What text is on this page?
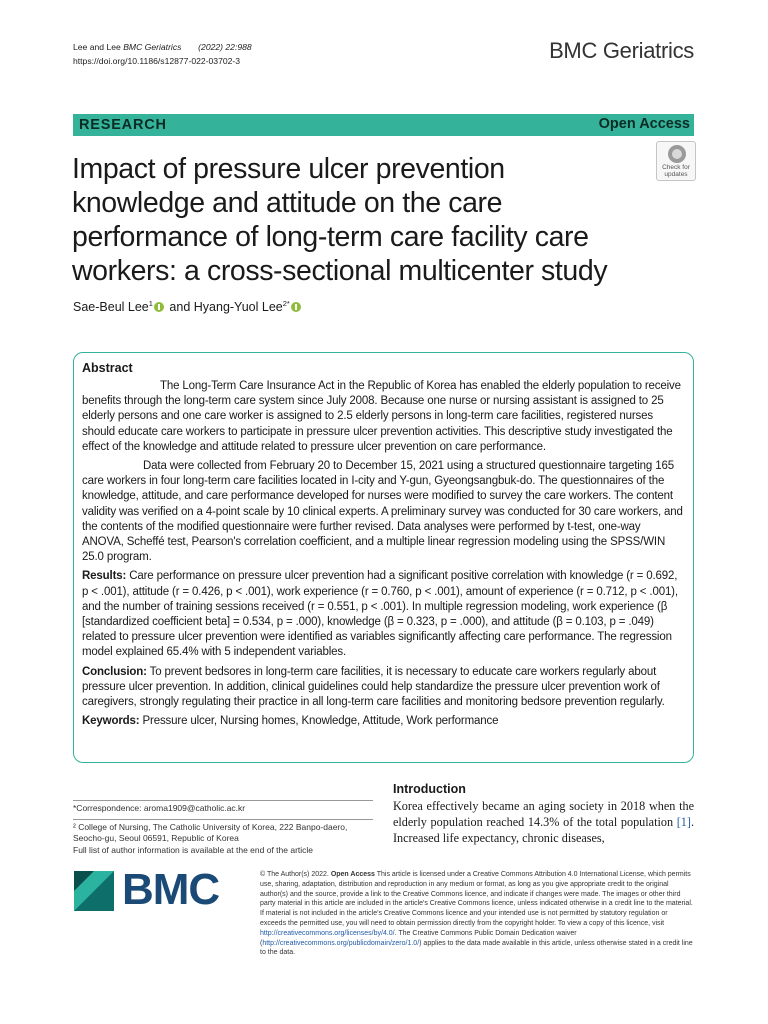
Lee and Lee BMC Geriatrics (2022) 22:988
https://doi.org/10.1186/s12877-022-03702-3	BMC Geriatrics
RESEARCH	Open Access
Impact of pressure ulcer prevention knowledge and attitude on the care performance of long-term care facility care workers: a cross-sectional multicenter study
Check for updates
Sae-Beul Lee$^1$ and Hyang-Yuol Lee$^{2*}$
Abstract

The Long-Term Care Insurance Act in the Republic of Korea has enabled the elderly population to receive benefits through the long-term care system since July 2008. Because one nurse or nursing assistant is assigned to 25 elderly persons and one care worker is assigned to 2.5 elderly persons in long-term care facilities, registered nurses should educate care workers to participate in pressure ulcer prevention activities. This descriptive study investigated the effect of the knowledge and attitude related to pressure ulcer prevention on care performance.

Data were collected from February 20 to December 15, 2021 using a structured questionnaire targeting 165 care workers in four long-term care facilities located in I-city and Y-gun, Gyeongsangbuk-do. The questionnaires of the knowledge, attitude, and care performance developed for nurses were modified to survey the care workers. The content validity was verified on a 4-point scale by 10 clinical experts. A preliminary survey was conducted for 30 care workers, and the contents of the modified questionnaire were further revised. Data analyses were performed by t-test, one-way ANOVA, Scheffé test, Pearson's correlation coefficient, and a multiple linear regression modeling using the SPSS/WIN 25.0 program.

Results: Care performance on pressure ulcer prevention had a significant positive correlation with knowledge (r = 0.692, p < .001), attitude (r = 0.426, p < .001), work experience (r = 0.760, p < .001), amount of experience (r = 0.712, p < .001), and the number of training sessions received (r = 0.551, p < .001). In multiple regression modeling, work experience (β [standardized coefficient beta] = 0.534, p = .000), knowledge (β = 0.323, p = .000), and attitude (β = 0.103, p = .049) related to pressure ulcer prevention were identified as variables significantly affecting care performance. The regression model explained 65.4% with 5 independent variables.

Conclusion: To prevent bedsores in long-term care facilities, it is necessary to educate care workers regularly about pressure ulcer prevention. In addition, clinical guidelines could help standardize the pressure ulcer prevention work of caregivers, strongly regulating their practice in all long-term care facilities and monitoring bedsore prevention regularly.

Keywords: Pressure ulcer, Nursing homes, Knowledge, Attitude, Work performance

*Correspondence: aroma1909@catholic.ac.kr
² College of Nursing, The Catholic University of Korea, 222 Banpo-daero, Seocho-gu, Seoul 06591, Republic of Korea
Full list of author information is available at the end of the article
Introduction

Korea effectively became an aging society in 2018 when the elderly population reached 14.3% of the total population [1]. Increased life expectancy, chronic diseases,

BMC	© The Author(s) 2022. Open Access This article is licensed under a Creative Commons Attribution 4.0 International License, which permits use, sharing, adaptation, distribution and reproduction in any medium or format, as long as you give appropriate credit to the original author(s) and the source, provide a link to the Creative Commons licence, and indicate if changes were made. The images or other third party material in this article are included in the article's Creative Commons licence, unless indicated otherwise in a credit line to the material. If material is not included in the article's Creative Commons licence and your intended use is not permitted by statutory regulation or exceeds the permitted use, you will need to obtain permission directly from the copyright holder. To view a copy of this licence, visit http://creativecommons.org/licenses/by/4.0/. The Creative Commons Public Domain Dedication waiver (http://creativecommons.org/publicdomain/zero/1.0/) applies to the data made available in this article, unless otherwise stated in a credit line to the data.
